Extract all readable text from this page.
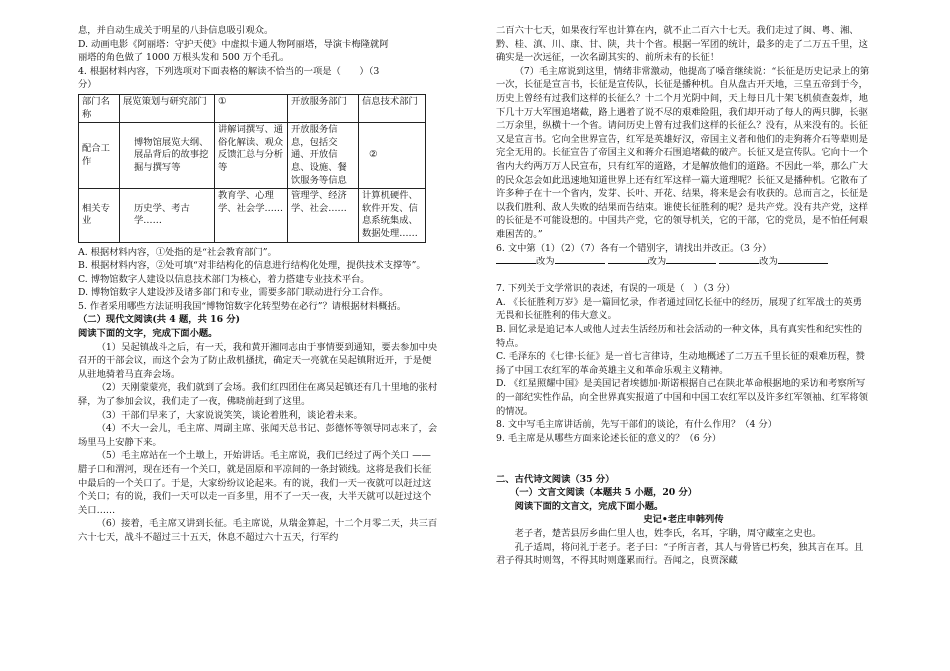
息，并自动生成关于明星的八卦信息吸引观众。

D. 动画电影《阿丽塔：守护天使》中虚拟卡通人物阿丽塔，导演卡梅隆就阿

丽塔的角色做了 1000 万根头发和 500 万个毛孔。

4. 根据材料内容，下列选项对下面表格的解读不恰当的一项是（　　）（3

分）

部门名称	展览策划与研究部门	①	开放服务部门	信息技术部门
配合工作	博物馆展览大纲、展品背后的故事挖掘与撰写等	讲解词撰写、通俗化解读、观众反馈汇总与分析等	开放服务信息，包括交通、开放信息、设施、餐饮服务等信息	②
相关专业	历史学、考古学……	教育学、心理学、社会学……	管理学、经济学、社会……	计算机硬件、软件开发、信息系统集成、数据处理……

A. 根据材料内容，①处指的是“社会教育部门”。

B. 根据材料内容，②处可填“对非结构化的信息进行结构化处理，提供技术支撑等”。

C. 博物馆数字人建设以信息技术部门为核心，着力搭建专业技术平台。

D. 博物馆数字人建设涉及诸多部门和专业，需要多部门联动进行分工合作。

5. 作者采用哪些方法证明我国“博物馆数字化转型势在必行”？请根据材料概括。

（二）现代文阅读(共 4 题，共 16 分)

阅读下面的文字，完成下面小题。

（1）吴起镇战斗之后，有一天，我和黄开湘同志由于事情要到通知，要去参加中央召开的干部会议，而这个会为了防止敌机搔扰，确定天一亮就在吴起镇附近开，于是便从驻地骑着马直奔会场。

（2）天刚蒙蒙亮，我们就到了会场。我们红四团住在离吴起镇还有几十里地的张村驿，为了参加会议，我们走了一夜，佛晓前赶到了这里。

（3）干部们早来了，大家说说笑笑，谈论着胜利，谈论着未来。

（4）不大一会儿，毛主席、周副主席、张闻天总书记、彭德怀等领导同志来了，会场里马上安静下来。

（5）毛主席站在一个土墩上，开始讲话。毛主席说，我们已经过了两个关口 —— 腊子口和渭河，现在还有一个关口，就是固原和平凉间的一条封锁线。这将是我们长征中最后的一个关口了。于是，大家纷纷议论起来。有的说，我们一天一夜就可以赶过这个关口；有的说，我们一天可以走一百多里，用不了一天一夜，大半天就可以赶过这个关口……

（6）接着，毛主席又讲到长征。毛主席说，从瑞金算起，十二个月零二天，共三百六十七天，战斗不超过三十五天，休息不超过六十五天，行军约

二百六十七天，如果夜行军也计算在内，就不止二百六十七天。我们走过了闽、粤、湘、黔、桂、滇、川、康、甘、陕，共十个省。根据一军团的统计，最多的走了二万五千里，这确实是一次远征，一次名副其实的、前所未有的长征！

（7）毛主席说到这里，情绪非常激动，他提高了嗓音继续说：“长征是历史记录上的第一次，长征是宣言书，长征是宣传队，长征是播种机。自从盘古开天地，三皇五帝到于今，历史上曾经有过我们这样的长征么？十二个月光阴中间，天上每日几十架飞机侦查轰炸，地下几十万大军围追堵截，路上遇着了说不尽的艰难险阻，我们却开动了每人的两只脚，长驱二万余里，纵横十一个省。请问历史上曾有过我们这样的长征么？没有，从来没有的。长征又是宣言书。它向全世界宣告，红军是英雄好汉，帝国主义者和他们的走狗蒋介石等辈则是完全无用的。长征宣告了帝国主义和蒋介石围追堵截的破产。长征又是宣传队。它向十一个省内大约两万万人民宣布，只有红军的道路，才是解放他们的道路。不因此一举，那么广大的民众怎会如此迅速地知道世界上还有红军这样一篇大道理呢？长征又是播种机。它散布了许多种子在十一个省内，发芽、长叶、开花、结果，将来是会有收获的。总而言之，长征是以我们胜利、敌人失败的结果而告结束。谁使长征胜利的呢？是共产党。没有共产党，这样的长征是不可能设想的。中国共产党，它的领导机关，它的干部，它的党员，是不怕任何艰难困苦的。”

6. 文中第（1）（2）（7）各有一个错别字，请找出并改正。（3 分）

改为	改为	改为

7. 下列关于文学常识的表述，有误的一项是（　）（3 分）

A. 《长征胜利万岁》是一篇回忆录，作者通过回忆长征中的经历，展现了红军战士的英勇无畏和长征胜利的伟大意义。

B. 回忆录是追记本人或他人过去生活经历和社会活动的一种文体，具有真实性和纪实性的特点。

C. 毛泽东的《七律·长征》是一首七言律诗，生动地概述了二万五千里长征的艰难历程，赞扬了中国工农红军的革命英雄主义和革命乐观主义精神。

D. 《红星照耀中国》是美国记者埃德加·斯诺根据自己在陕北革命根据地的采访和考察所写的一部纪实性作品，向全世界真实报道了中国和中国工农红军以及许多红军领袖、红军将领的情况。

8. 文中写毛主席讲话前，先写干部们的谈论，有什么作用？（4 分）

9. 毛主席是从哪些方面来论述长征的意义的？（6 分）

二、古代诗文阅读（35 分）

（一）文言文阅读（本题共 5 小题，20 分）

阅读下面的文言文，完成下面小题。

史记•老庄申韩列传

老子者，楚苦县厉乡曲仁里人也，姓李氏，名耳，字聃，周守藏室之史也。

孔子适周，将问礼于老子。老子曰：“子所言者，其人与骨皆已朽矣，独其言在耳。且君子得其时则驾，不得其时则蓬累而行。吾闻之，良贾深藏
